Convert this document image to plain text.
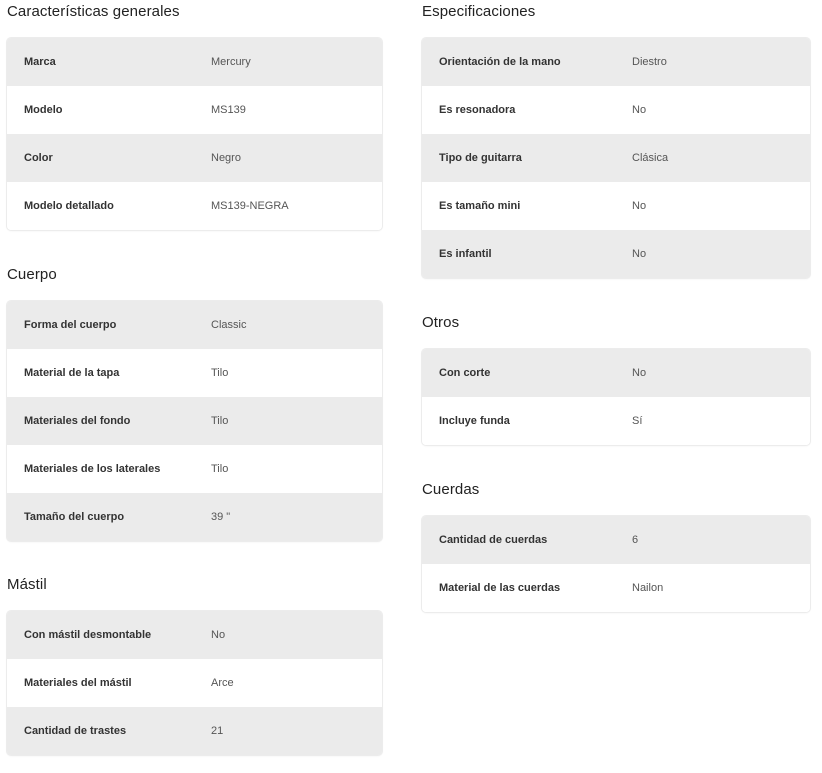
Características generales
Marca	Mercury
Modelo	MS139
Color	Negro
Modelo detallado	MS139-NEGRA
Cuerpo
Forma del cuerpo	Classic
Material de la tapa	Tilo
Materiales del fondo	Tilo
Materiales de los laterales	Tilo
Tamaño del cuerpo	39 "
Mástil
Con mástil desmontable	No
Materiales del mástil	Arce
Cantidad de trastes	21
Especificaciones
Orientación de la mano	Diestro
Es resonadora	No
Tipo de guitarra	Clásica
Es tamaño mini	No
Es infantil	No
Otros
Con corte	No
Incluye funda	Sí
Cuerdas
Cantidad de cuerdas	6
Material de las cuerdas	Nailon
